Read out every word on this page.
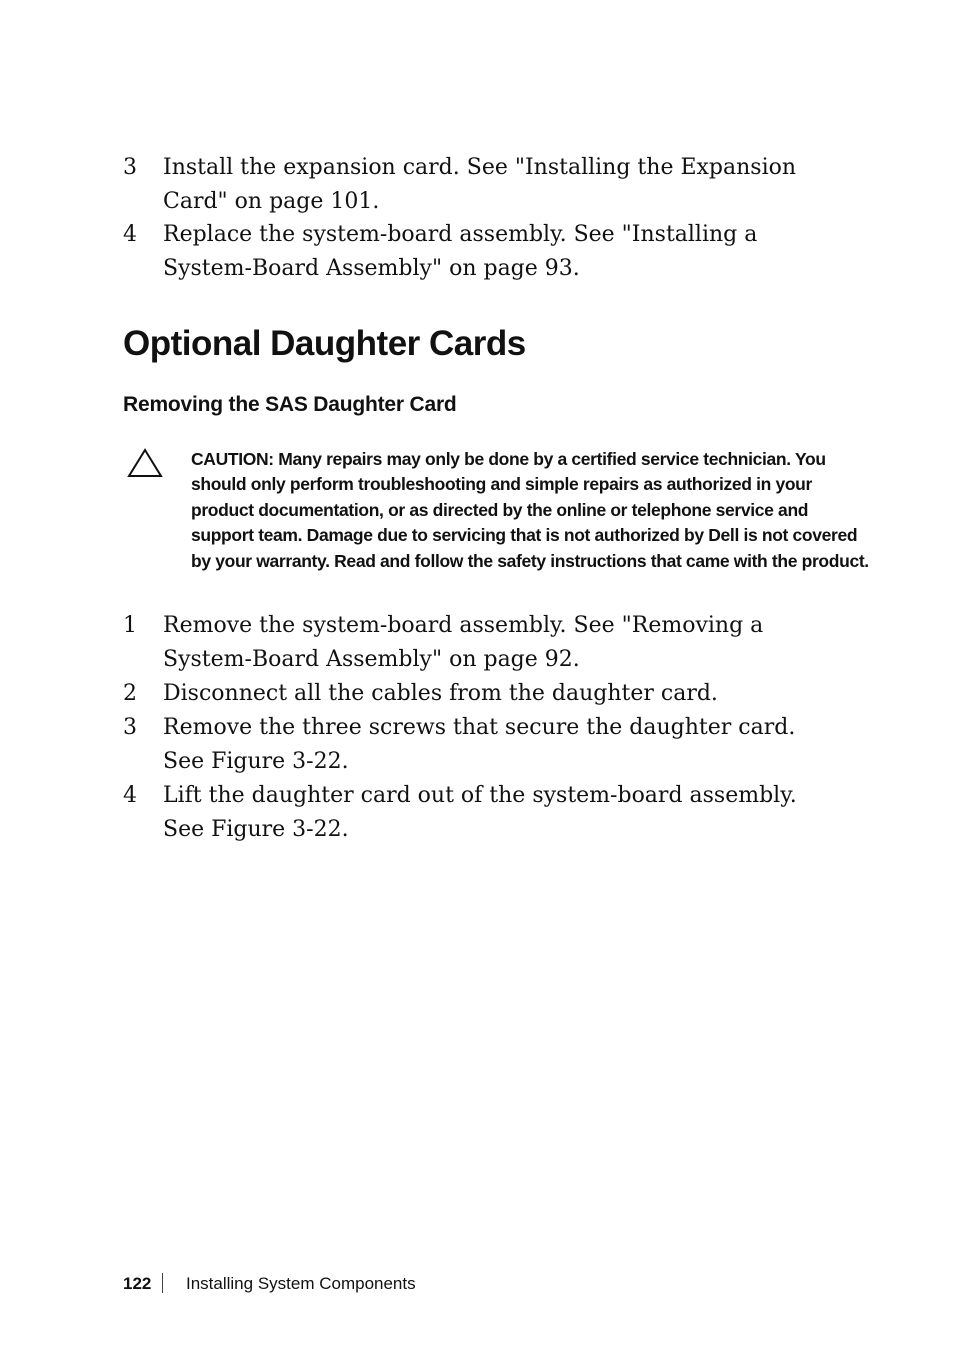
3	Install the expansion card. See "Installing the Expansion Card" on page 101.
4	Replace the system-board assembly. See "Installing a System-Board Assembly" on page 93.
Optional Daughter Cards
Removing the SAS Daughter Card
CAUTION: Many repairs may only be done by a certified service technician. You should only perform troubleshooting and simple repairs as authorized in your product documentation, or as directed by the online or telephone service and support team. Damage due to servicing that is not authorized by Dell is not covered by your warranty. Read and follow the safety instructions that came with the product.
1	Remove the system-board assembly. See "Removing a System-Board Assembly" on page 92.
2	Disconnect all the cables from the daughter card.
3	Remove the three screws that secure the daughter card. See Figure 3-22.
4	Lift the daughter card out of the system-board assembly. See Figure 3-22.
122 Installing System Components
